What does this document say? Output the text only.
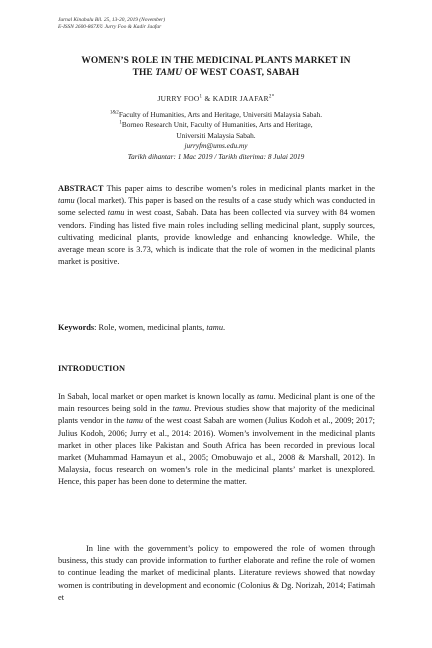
Jurnal Kinabalu Bil. 25, 13-20, 2019 (November)
E-ISSN 2600-867X© Jurry Foo & Kadir Jaafar
WOMEN’S ROLE IN THE MEDICINAL PLANTS MARKET IN
THE TAMU OF WEST COAST, SABAH
JURRY FOO$^1$ & KADIR $JAAFAR^{2*}$
$^{1\&2}$Faculty of Humanities, Arts and Heritage, Universiti Malaysia Sabah.
$^1$Borneo Research Unit, Faculty of Humanities, Arts and Heritage,
Universiti Malaysia Sabah.
jurryfm@ums.edu.my
Tarikh dihantar: 1 Mac 2019 / Tarikh diterima: 8 Julai 2019
ABSTRACT This paper aims to describe women’s roles in medicinal plants market in the tamu (local market). This paper is based on the results of a case study which was conducted in some selected tamu in west coast, Sabah. Data has been collected via survey with 84 women vendors. Finding has listed five main roles including selling medicinal plant, supply sources, cultivating medicinal plants, provide knowledge and enhancing knowledge. While, the average mean score is 3.73, which is indicate that the role of women in the medicinal plants market is positive.
Keywords: Role, women, medicinal plants, tamu.
INTRODUCTION
In Sabah, local market or open market is known locally as tamu. Medicinal plant is one of the main resources being sold in the tamu. Previous studies show that majority of the medicinal plants vendor in the tamu of the west coast Sabah are women (Julius Kodoh et al., 2009; 2017; Julius Kodoh, 2006; Jurry et al., 2014: 2016). Women’s involvement in the medicinal plants market in other places like Pakistan and South Africa has been recorded in previous local market (Muhammad Hamayun et al., 2005; Omobuwajo et al., 2008 & Marshall, 2012). In Malaysia, focus research on women’s role in the medicinal plants’ market is unexplored. Hence, this paper has been done to determine the matter.
In line with the government’s policy to empowered the role of women through business, this study can provide information to further elaborate and refine the role of women to continue leading the market of medicinal plants. Literature reviews showed that nowday women is contributing in development and economic (Colonius & Dg. Norizah, 2014; Fatimah et
